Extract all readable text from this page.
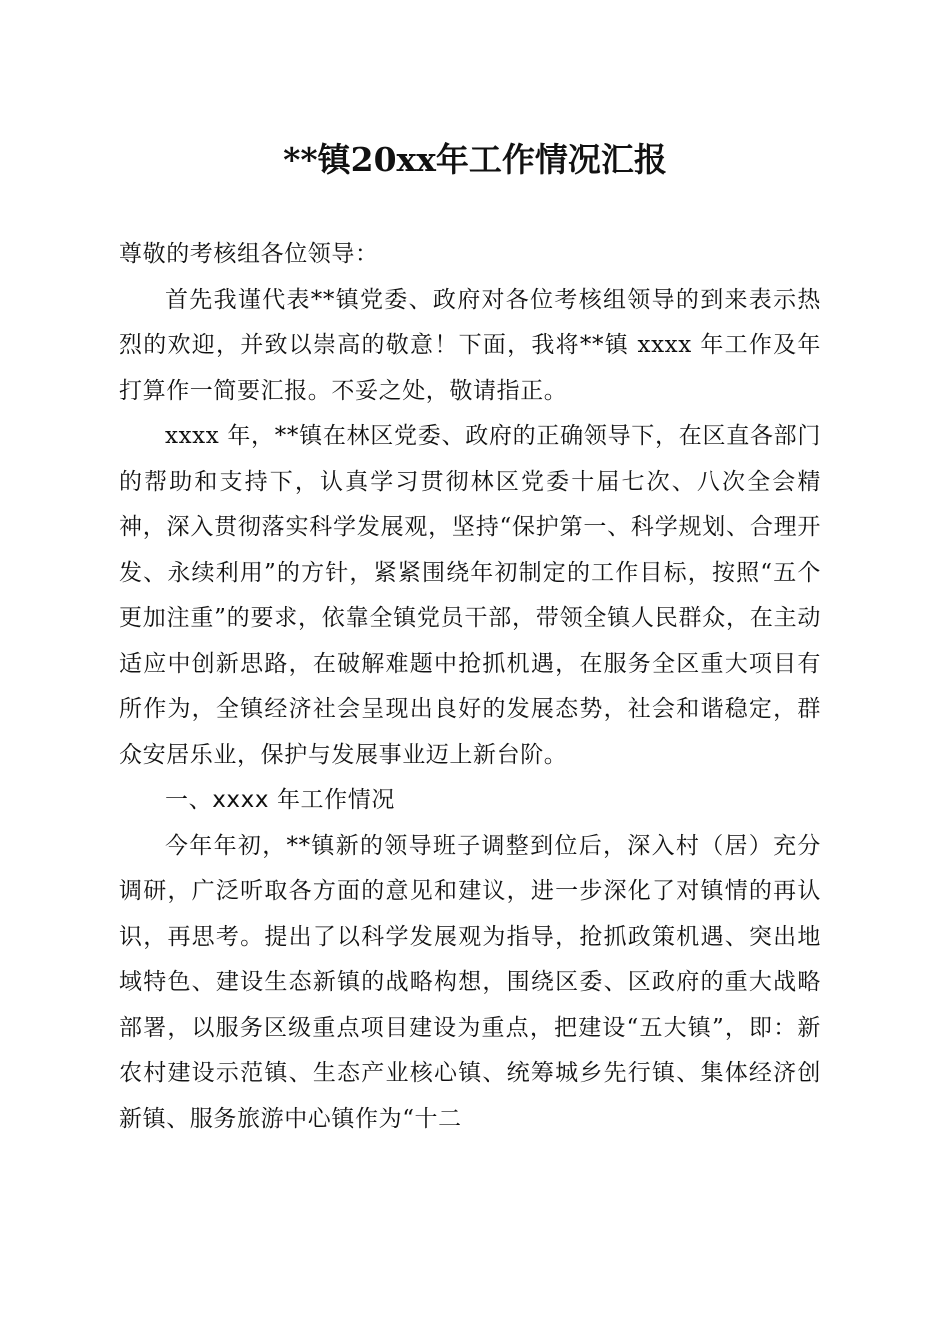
**镇20xx年工作情况汇报

尊敬的考核组各位领导：

首先我谨代表**镇党委、政府对各位考核组领导的到来表示热烈的欢迎，并致以崇高的敬意！下面，我将**镇 xxxx 年工作及年打算作一简要汇报。不妥之处，敬请指正。

xxxx 年，**镇在林区党委、政府的正确领导下，在区直各部门的帮助和支持下，认真学习贯彻林区党委十届七次、八次全会精神，深入贯彻落实科学发展观，坚持“保护第一、科学规划、合理开发、永续利用”的方针，紧紧围绕年初制定的工作目标，按照“五个更加注重”的要求，依靠全镇党员干部，带领全镇人民群众，在主动适应中创新思路，在破解难题中抢抓机遇，在服务全区重大项目有所作为，全镇经济社会呈现出良好的发展态势，社会和谐稳定，群众安居乐业，保护与发展事业迈上新台阶。

一、xxxx 年工作情况

今年年初，**镇新的领导班子调整到位后，深入村（居）充分调研，广泛听取各方面的意见和建议，进一步深化了对镇情的再认识，再思考。提出了以科学发展观为指导，抢抓政策机遇、突出地域特色、建设生态新镇的战略构想，围绕区委、区政府的重大战略部署，以服务区级重点项目建设为重点，把建设“五大镇”，即：新农村建设示范镇、生态产业核心镇、统筹城乡先行镇、集体经济创新镇、服务旅游中心镇作为“十二
